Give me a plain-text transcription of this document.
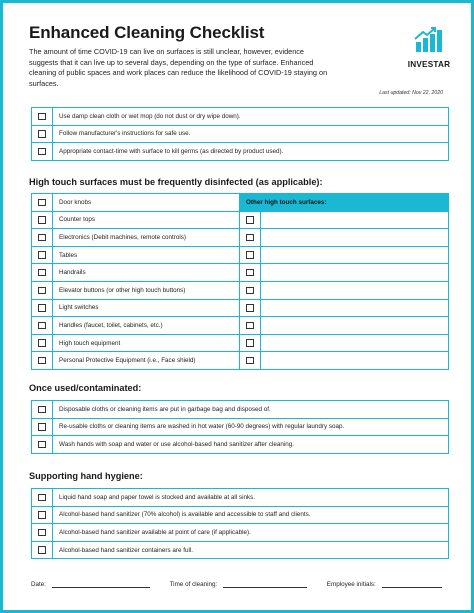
Enhanced Cleaning Checklist
The amount of time COVID-19 can live on surfaces is still unclear, however, evidence suggests that it can live up to several days, depending on the type of surface. Enhanced cleaning of public spaces and work places can reduce the likelihood of COVID-19 staying on surfaces.
INVESTAR
Last updated: Nov 22, 2020
	Use damp clean cloth or wet mop (do not dust or dry wipe down).
	Follow manufacturer's instructions for safe use.
	Appropriate contact-time with surface to kill germs (as directed by product used).
High touch surfaces must be frequently disinfected (as applicable):
	Door knobs	Other high touch surfaces:	
	Counter tops		
	Electronics (Debit machines, remote controls)		
	Tables		
	Handrails		
	Elevator buttons (or other high touch buttons)		
	Light switches		
	Handles (faucet, toilet, cabinets, etc.)		
	High touch equipment		
	Personal Protective Equipment (i.e., Face shield)		
Once used/contaminated:
	Disposable cloths or cleaning items are put in garbage bag and disposed of.
	Re-usable cloths or cleaning items are washed in hot water (60-90 degrees) with regular laundry soap.
	Wash hands with soap and water or use alcohol-based hand sanitizer after cleaning.
Supporting hand hygiene:
	Liquid hand soap and paper towel is stocked and available at all sinks.
	Alcohol-based hand sanitizer (70% alcohol) is available and accessible to staff and clients.
	Alcohol-based hand sanitizer available at point of care (if applicable).
	Alcohol-based hand sanitizer containers are full.
Date:	Time of cleaning:	Employee initials:
